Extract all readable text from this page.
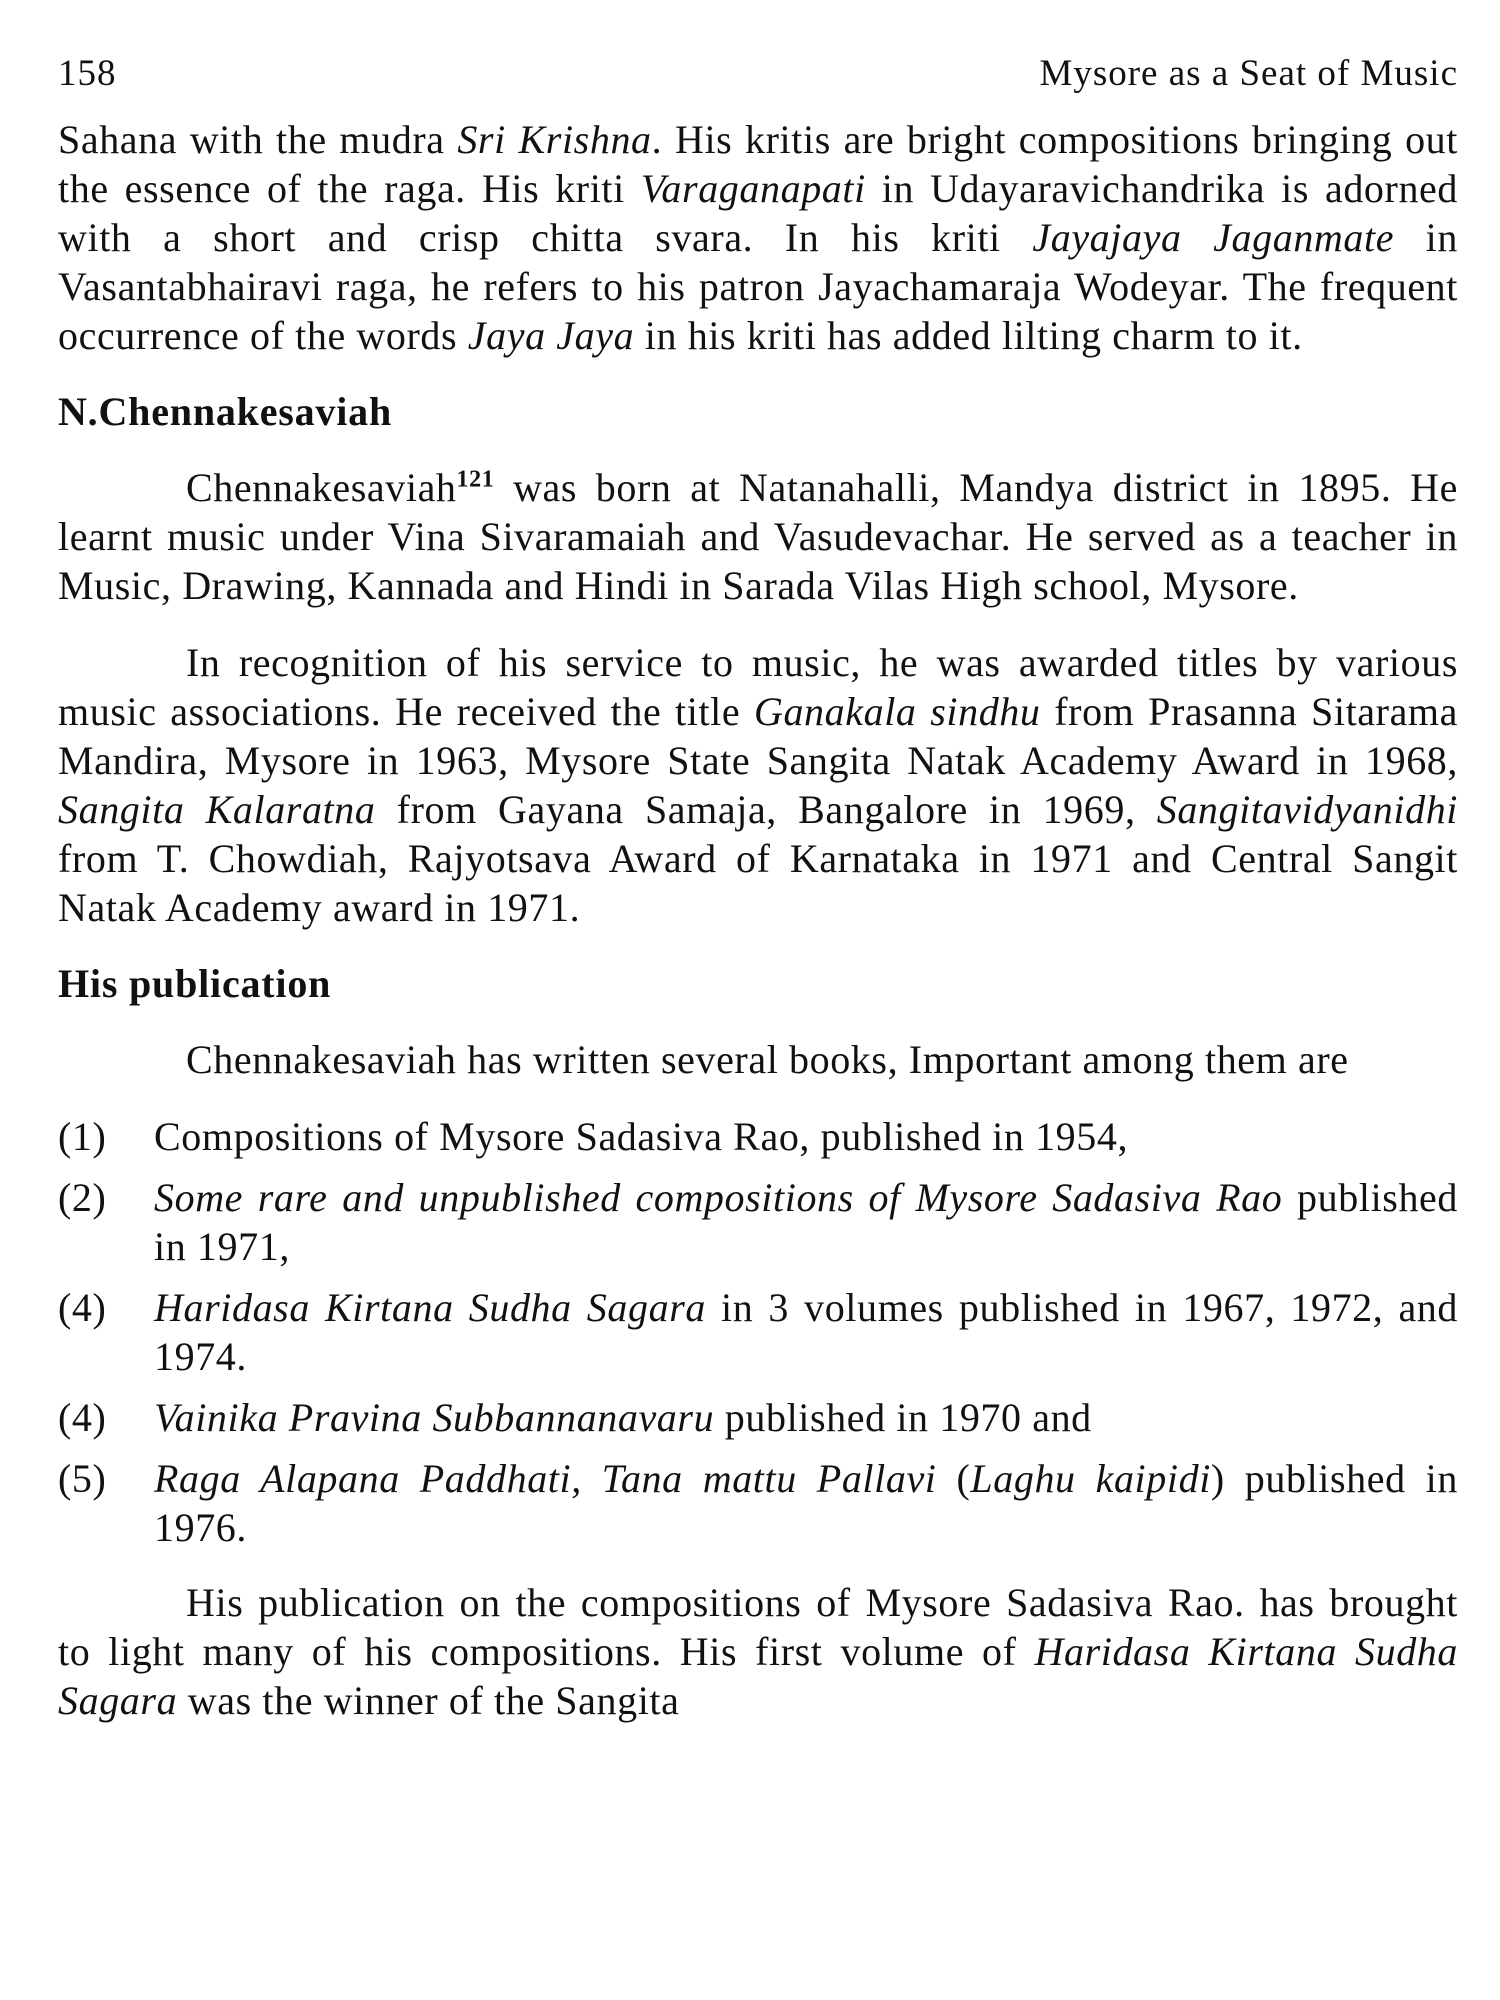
158	Mysore as a Seat of Music

Sahana with the mudra Sri Krishna. His kritis are bright compositions bringing out the essence of the raga. His kriti Varaganapati in Udayaravichandrika is adorned with a short and crisp chitta svara. In his kriti Jayajaya Jaganmate in Vasantabhairavi raga, he refers to his patron Jayachamaraja Wodeyar. The frequent occurrence of the words Jaya Jaya in his kriti has added lilting charm to it.

N.Chennakesaviah

Chennakesaviah$^{121}$ was born at Natanahalli, Mandya district in 1895. He learnt music under Vina Sivaramaiah and Vasudevachar. He served as a teacher in Music, Drawing, Kannada and Hindi in Sarada Vilas High school, Mysore.

In recognition of his service to music, he was awarded titles by various music associations. He received the title Ganakala sindhu from Prasanna Sitarama Mandira, Mysore in 1963, Mysore State Sangita Natak Academy Award in 1968, Sangita Kalaratna from Gayana Samaja, Bangalore in 1969, Sangitavidyanidhi from T. Chowdiah, Rajyotsava Award of Karnataka in 1971 and Central Sangit Natak Academy award in 1971.

His publication

Chennakesaviah has written several books, Important among them are

(1)	Compositions of Mysore Sadasiva Rao, published in 1954,
(2)	Some rare and unpublished compositions of Mysore Sadasiva Rao published in 1971,
(4)	Haridasa Kirtana Sudha Sagara in 3 volumes published in 1967, 1972, and 1974.
(4)	Vainika Pravina Subbannanavaru published in 1970 and
(5)	Raga Alapana Paddhati, Tana mattu Pallavi (Laghu kaipidi) published in 1976.

His publication on the compositions of Mysore Sadasiva Rao. has brought to light many of his compositions. His first volume of Haridasa Kirtana Sudha Sagara was the winner of the Sangita
